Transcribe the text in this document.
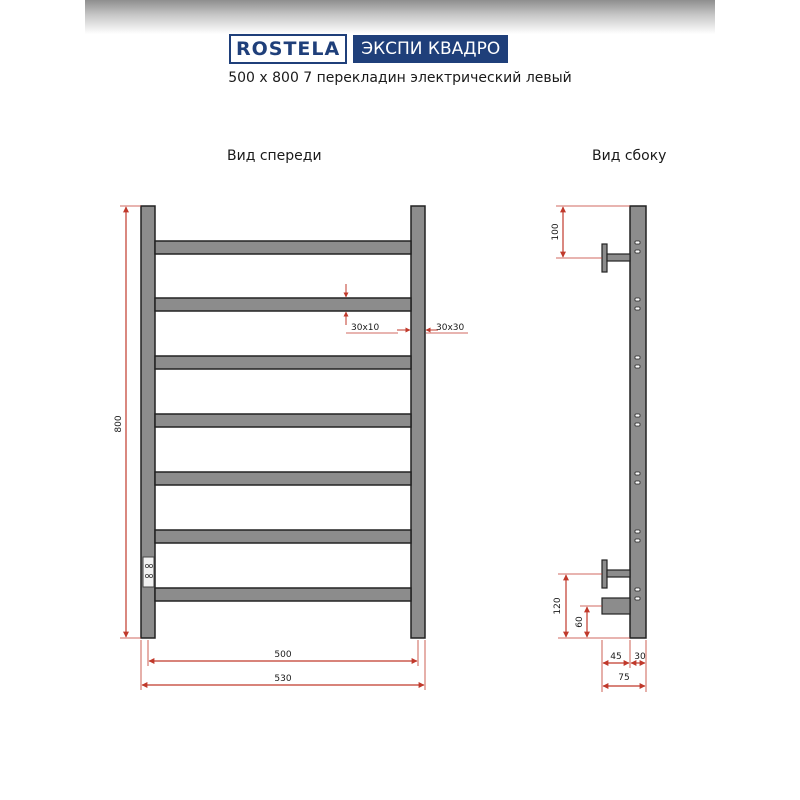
ROSTELA	ЭКСПИ КВАДРО
500 x 800 7 перекладин электрический левый
Вид спереди	Вид сбоку
800
30x10	30x30
500
530
100
120
60
45 30
75
